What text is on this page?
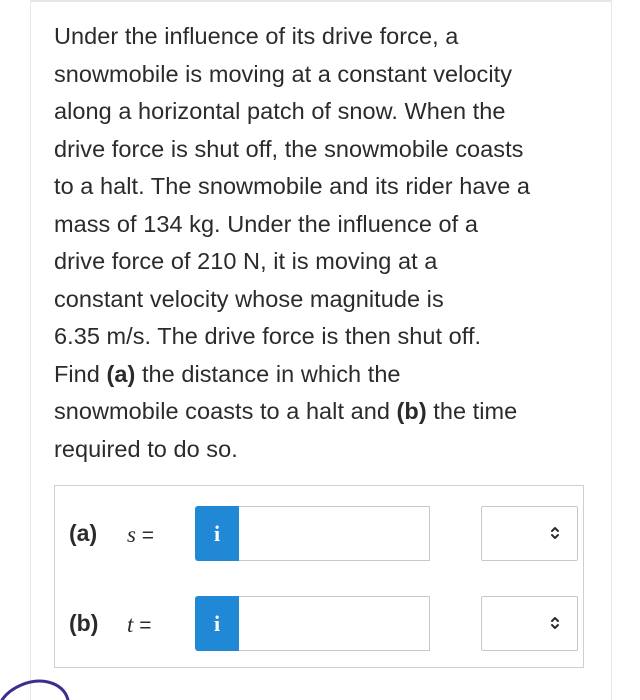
Under the influence of its drive force, a
snowmobile is moving at a constant velocity
along a horizontal patch of snow. When the
drive force is shut off, the snowmobile coasts
to a halt. The snowmobile and its rider have a
mass of 134 kg. Under the influence of a
drive force of 210 N, it is moving at a
constant velocity whose magnitude is
6.35 m/s. The drive force is then shut off.
Find (a) the distance in which the
snowmobile coasts to a halt and (b) the time
required to do so.
(a) s =	i
(b) t =	i
